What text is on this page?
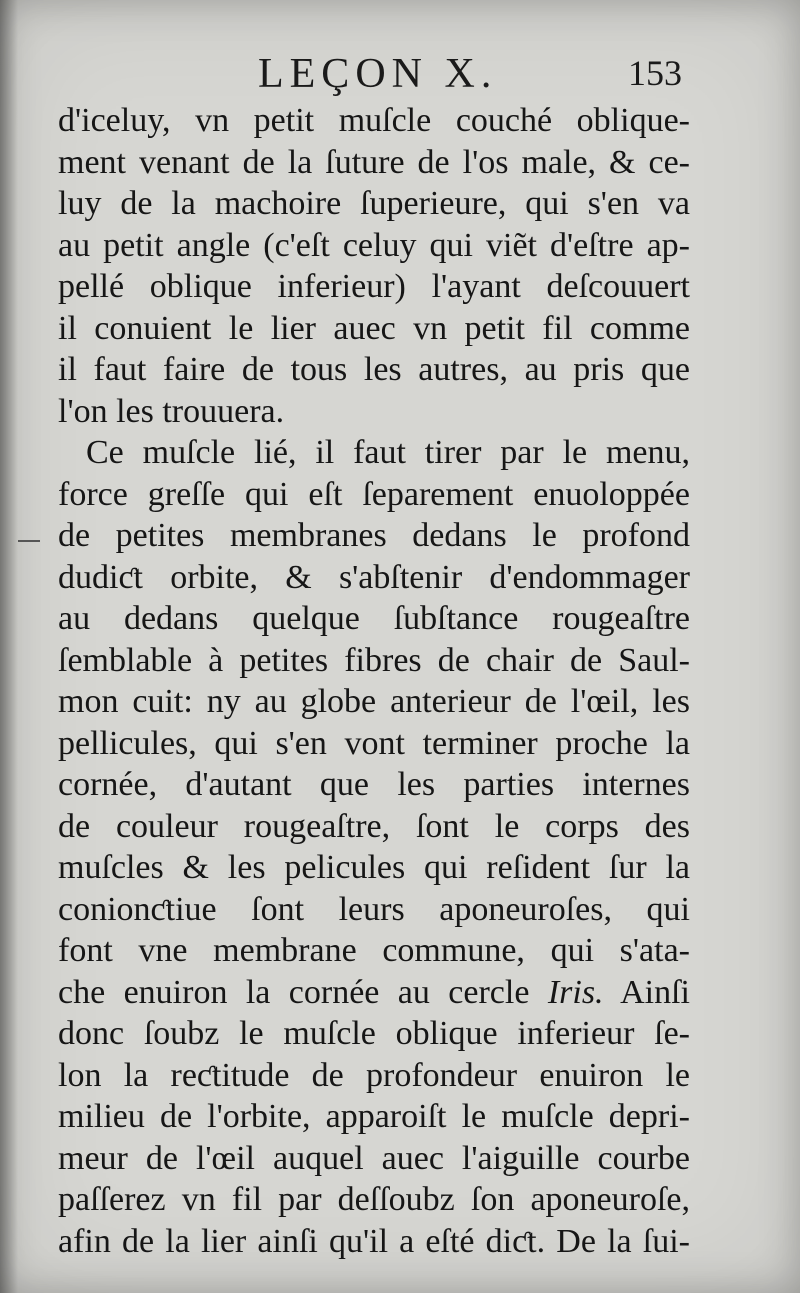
LEÇON X.	153
d'iceluy, vn petit muſcle couché oblique-
ment venant de la ſuture de l'os male, & ce-
luy de la machoire ſuperieure, qui s'en va
au petit angle (c'eſt celuy qui viẽt d'eſtre ap-
pellé oblique inferieur) l'ayant deſcouuert
il conuient le lier auec vn petit fil comme
il faut faire de tous les autres, au pris que
l'on les trouuera.
Ce muſcle lié, il faut tirer par le menu,
force greſſe qui eſt ſeparement enuoloppée
de petites membranes dedans le profond
dudiƈt orbite, & s'abſtenir d'endommager
au dedans quelque ſubſtance rougeaſtre
ſemblable à petites fibres de chair de Saul-
mon cuit: ny au globe anterieur de l'œil, les
pellicules, qui s'en vont terminer proche la
cornée, d'autant que les parties internes
de couleur rougeaſtre, ſont le corps des
muſcles & les pelicules qui reſident ſur la
conionƈtiue ſont leurs aponeuroſes, qui
font vne membrane commune, qui s'ata-
che enuiron la cornée au cercle Iris. Ainſi
donc ſoubz le muſcle oblique inferieur ſe-
lon la reƈtitude de profondeur enuiron le
milieu de l'orbite, apparoiſt le muſcle depri-
meur de l'œil auquel auec l'aiguille courbe
paſſerez vn fil par deſſoubz ſon aponeuroſe,
afin de la lier ainſi qu'il a eſté diƈt. De la ſui-
